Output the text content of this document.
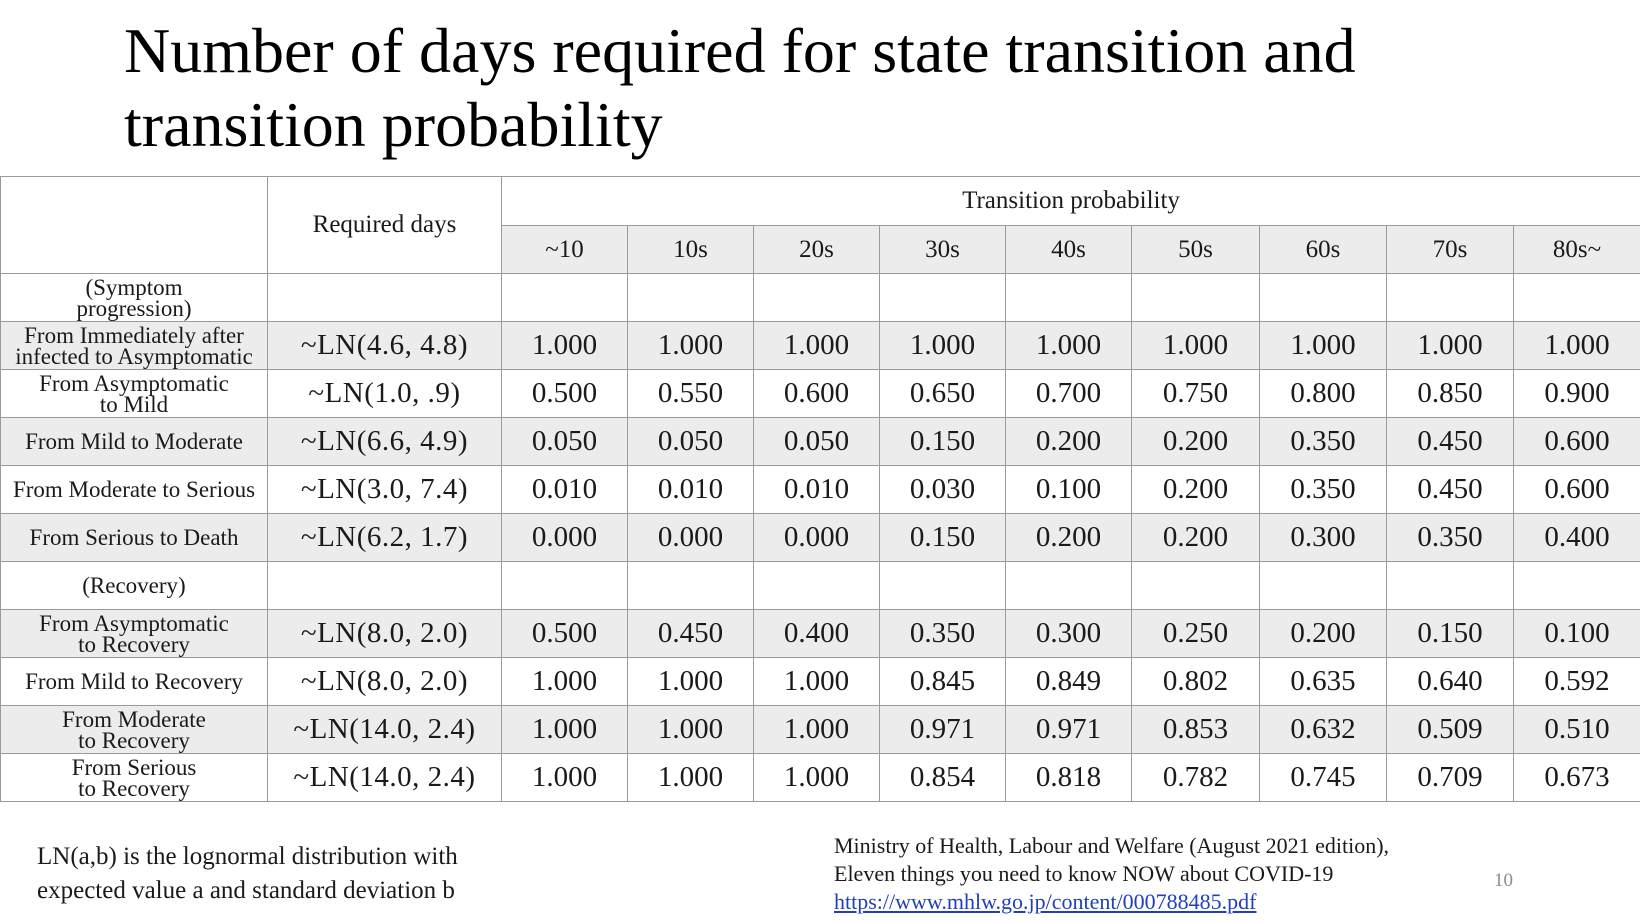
Number of days required for state transition and transition probability
	Required days	Transition probability								
		~10	10s	20s	30s	40s	50s	60s	70s	80s~
(Symptom
progression)										
From Immediately after
infected to Asymptomatic	~LN(4.6, 4.8)	1.000	1.000	1.000	1.000	1.000	1.000	1.000	1.000	1.000
From Asymptomatic
to Mild	~LN(1.0, .9)	0.500	0.550	0.600	0.650	0.700	0.750	0.800	0.850	0.900
From Mild to Moderate	~LN(6.6, 4.9)	0.050	0.050	0.050	0.150	0.200	0.200	0.350	0.450	0.600
From Moderate to Serious	~LN(3.0, 7.4)	0.010	0.010	0.010	0.030	0.100	0.200	0.350	0.450	0.600
From Serious to Death	~LN(6.2, 1.7)	0.000	0.000	0.000	0.150	0.200	0.200	0.300	0.350	0.400
(Recovery)										
From Asymptomatic
to Recovery	~LN(8.0, 2.0)	0.500	0.450	0.400	0.350	0.300	0.250	0.200	0.150	0.100
From Mild to Recovery	~LN(8.0, 2.0)	1.000	1.000	1.000	0.845	0.849	0.802	0.635	0.640	0.592
From Moderate
to Recovery	~LN(14.0, 2.4)	1.000	1.000	1.000	0.971	0.971	0.853	0.632	0.509	0.510
From Serious
to Recovery	~LN(14.0, 2.4)	1.000	1.000	1.000	0.854	0.818	0.782	0.745	0.709	0.673

LN(a,b) is the lognormal distribution with
expected value a and standard deviation b

Ministry of Health, Labour and Welfare (August 2021 edition),
Eleven things you need to know NOW about COVID-19
https://www.mhlw.go.jp/content/000788485.pdf
10
